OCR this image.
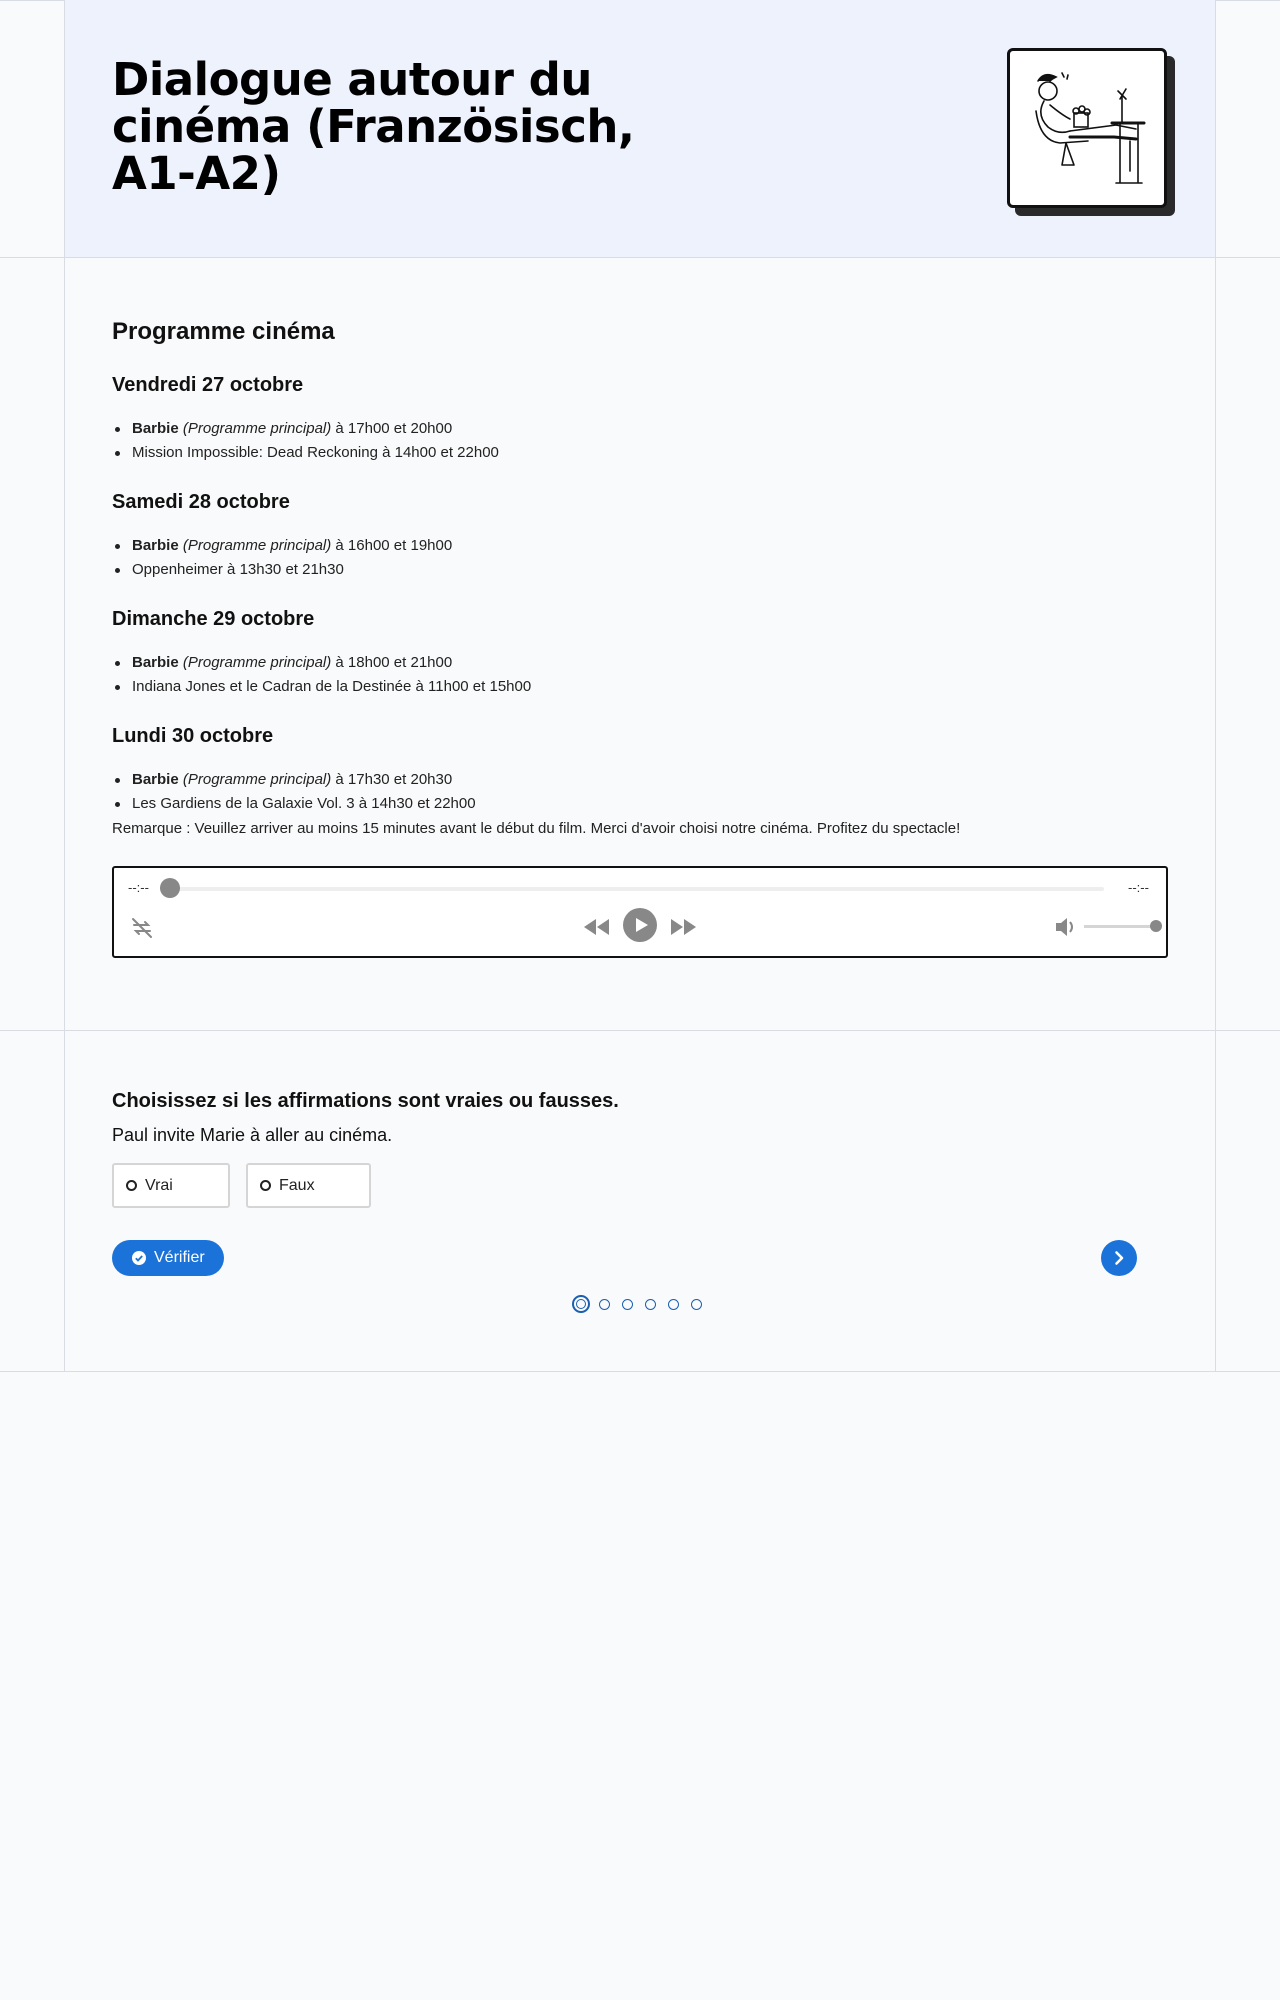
Dialogue autour du cinéma (Französisch, A1-A2)
Programme cinéma
Vendredi 27 octobre
Barbie (Programme principal) à 17h00 et 20h00
Mission Impossible: Dead Reckoning à 14h00 et 22h00
Samedi 28 octobre
Barbie (Programme principal) à 16h00 et 19h00
Oppenheimer à 13h30 et 21h30
Dimanche 29 octobre
Barbie (Programme principal) à 18h00 et 21h00
Indiana Jones et le Cadran de la Destinée à 11h00 et 15h00
Lundi 30 octobre
Barbie (Programme principal) à 17h30 et 20h30
Les Gardiens de la Galaxie Vol. 3 à 14h30 et 22h00

Remarque : Veuillez arriver au moins 15 minutes avant le début du film. Merci d'avoir choisi notre cinéma. Profitez du spectacle!

--:--	--:--
Choisissez si les affirmations sont vraies ou fausses.

Paul invite Marie à aller au cinéma.

Vrai	Faux
Vérifier
